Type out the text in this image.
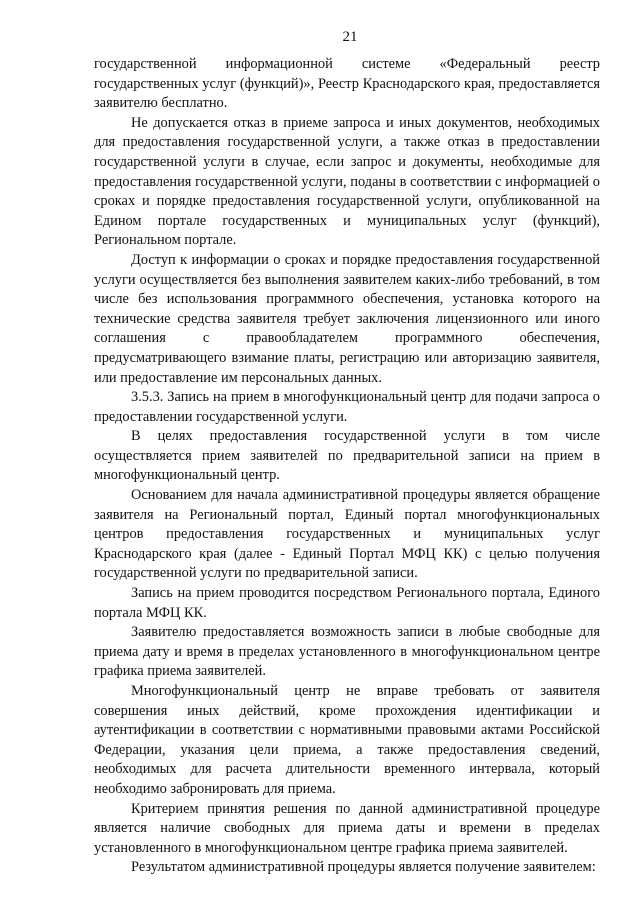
21

государственной информационной системе «Федеральный реестр государственных услуг (функций)», Реестр Краснодарского края, предоставляется заявителю бесплатно.

Не допускается отказ в приеме запроса и иных документов, необходимых для предоставления государственной услуги, а также отказ в предоставлении государственной услуги в случае, если запрос и документы, необходимые для предоставления государственной услуги, поданы в соответствии с информацией о сроках и порядке предоставления государственной услуги, опубликованной на Едином портале государственных и муниципальных услуг (функций), Региональном портале.

Доступ к информации о сроках и порядке предоставления государственной услуги осуществляется без выполнения заявителем каких-либо требований, в том числе без использования программного обеспечения, установка которого на технические средства заявителя требует заключения лицензионного или иного соглашения с правообладателем программного обеспечения, предусматривающего взимание платы, регистрацию или авторизацию заявителя, или предоставление им персональных данных.

3.5.3. Запись на прием в многофункциональный центр для подачи запроса о предоставлении государственной услуги.

В целях предоставления государственной услуги в том числе осуществляется прием заявителей по предварительной записи на прием в многофункциональный центр.

Основанием для начала административной процедуры является обращение заявителя на Региональный портал, Единый портал многофункциональных центров предоставления государственных и муниципальных услуг Краснодарского края (далее - Единый Портал МФЦ КК) с целью получения государственной услуги по предварительной записи.

Запись на прием проводится посредством Регионального портала, Единого портала МФЦ КК.

Заявителю предоставляется возможность записи в любые свободные для приема дату и время в пределах установленного в многофункциональном центре графика приема заявителей.

Многофункциональный центр не вправе требовать от заявителя совершения иных действий, кроме прохождения идентификации и аутентификации в соответствии с нормативными правовыми актами Российской Федерации, указания цели приема, а также предоставления сведений, необходимых для расчета длительности временного интервала, который необходимо забронировать для приема.

Критерием принятия решения по данной административной процедуре является наличие свободных для приема даты и времени в пределах установленного в многофункциональном центре графика приема заявителей.

Результатом административной процедуры является получение заявителем:
